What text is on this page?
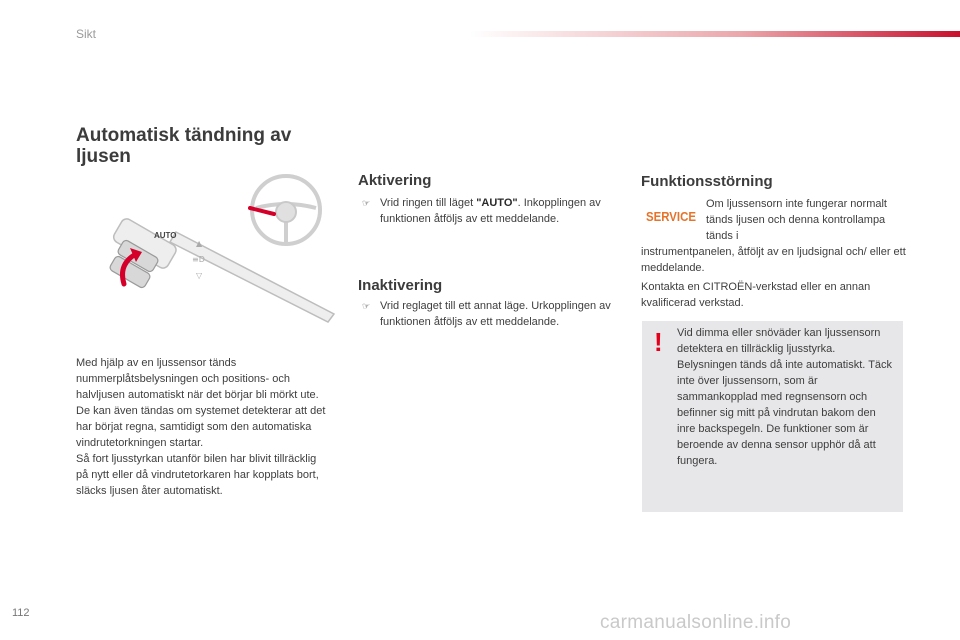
Sikt
Automatisk tändning av ljusen
AUTO
▲
≡D
▽

Med hjälp av en ljussensor tänds nummerplåtsbelysningen och positions- och halvljusen automatiskt när det börjar bli mörkt ute. De kan även tändas om systemet detekterar att det har börjat regna, samtidigt som den automatiska vindrutetorkningen startar.

Så fort ljusstyrkan utanför bilen har blivit tillräcklig på nytt eller då vindrutetorkaren har kopplats bort, släcks ljusen åter automatiskt.

Aktivering
☞ Vrid ringen till läget "AUTO". Inkopplingen av funktionen åtföljs av ett meddelande.
Inaktivering
☞ Vrid reglaget till ett annat läge. Urkopplingen av funktionen åtföljs av ett meddelande.
Funktionsstörning
SERVICE
Om ljussensorn inte fungerar normalt tänds ljusen och denna kontrollampa tänds i
instrumentpanelen, åtföljt av en ljudsignal och/ eller ett meddelande.
Kontakta en CITROËN-verkstad eller en annan kvalificerad verkstad.
! Vid dimma eller snöväder kan ljussensorn detektera en tillräcklig ljusstyrka.

Belysningen tänds då inte automatiskt. Täck inte över ljussensorn, som är sammankopplad med regnsensorn och befinner sig mitt på vindrutan bakom den inre backspegeln. De funktioner som är beroende av denna sensor upphör då att fungera.

112	carmanualsonline.info
